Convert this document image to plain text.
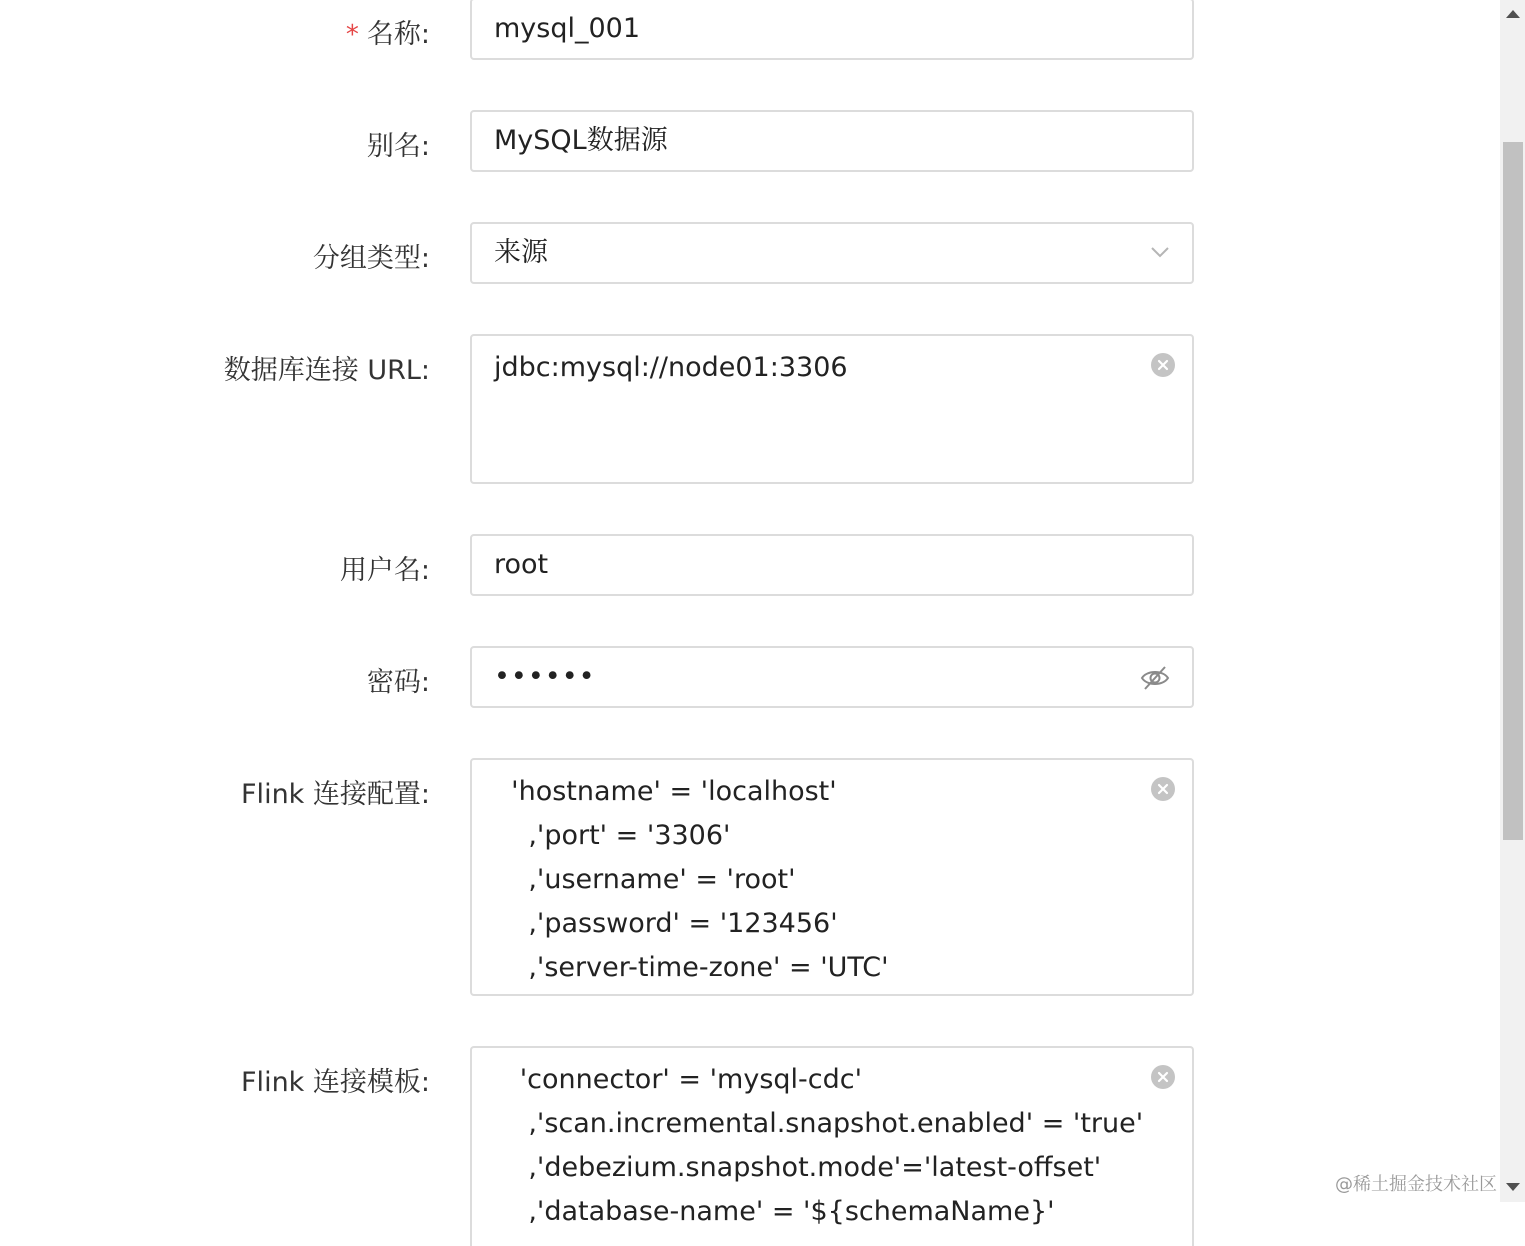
* 名称:	mysql_001
别名:	MySQL数据源
分组类型:	来源
数据库连接 URL: jdbc:mysql://node01:3306
用户名:	root
密码:	••••••
Flink 连接配置: 'hostname' = 'localhost'
,'port' = '3306'
,'username' = 'root'
,'password' = '123456'
,'server-time-zone' = 'UTC'
Flink 连接模板: 'connector' = 'mysql-cdc'
,'scan.incremental.snapshot.enabled' = 'true'
,'debezium.snapshot.mode'='latest-offset'
,'database-name' = '${schemaName}'
@稀土掘金技术社区
